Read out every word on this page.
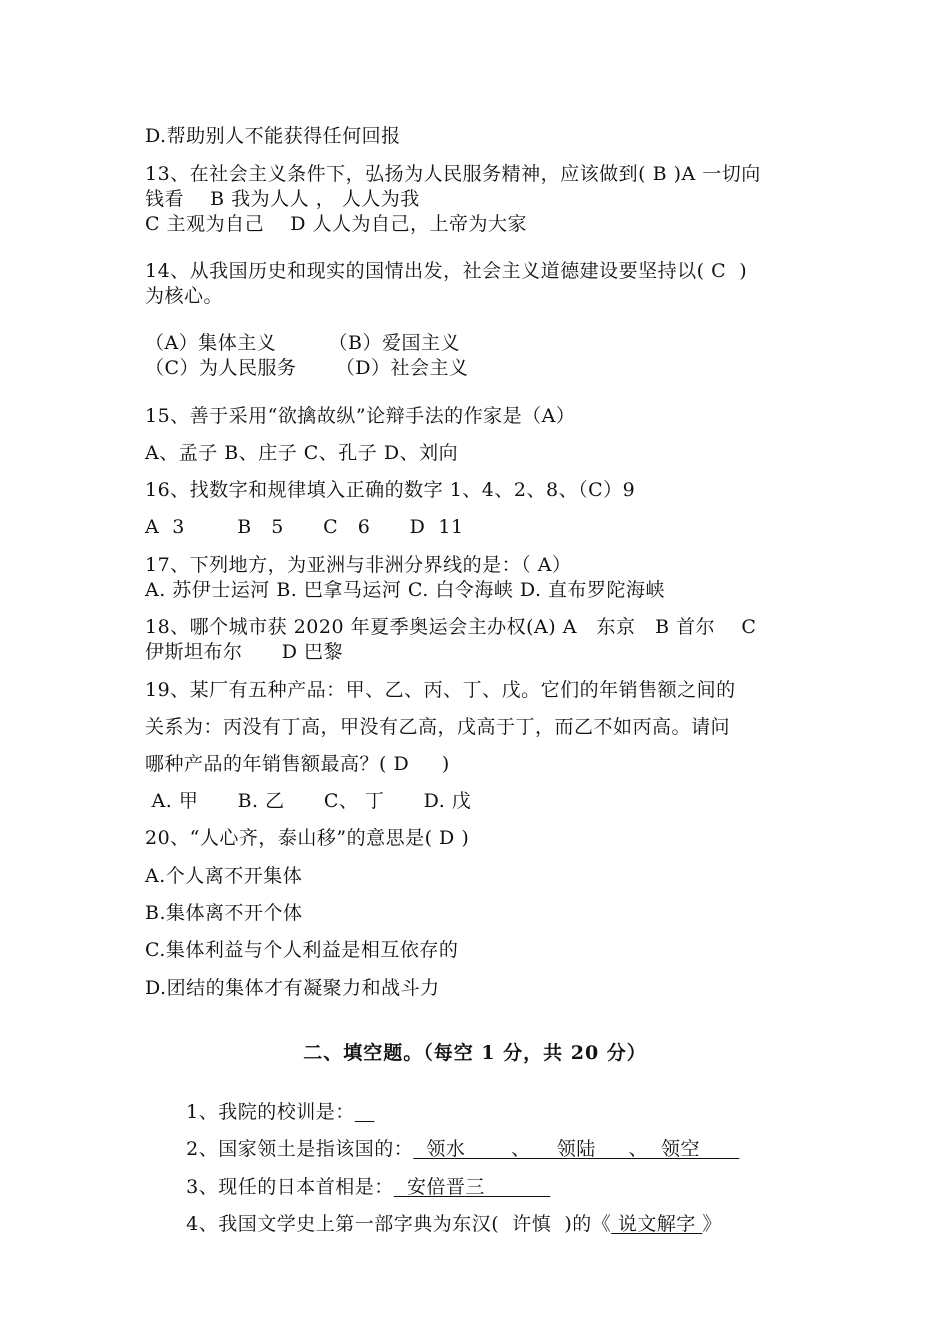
D.帮助别人不能获得任何回报
13、在社会主义条件下，弘扬为人民服务精神，应该做到( B )A 一切向
钱看    B 我为人人 ， 人人为我
C 主观为自己    D 人人为自己，上帝为大家
14、从我国历史和现实的国情出发，社会主义道德建设要坚持以( C  )
为核心。
（A）集体主义        （B）爱国主义
（C）为人民服务      （D）社会主义
15、善于采用“欲擒故纵”论辩手法的作家是（A）
A、孟子 B、庄子 C、孔子 D、刘向
16、找数字和规律填入正确的数字 1、4、2、8、（C）9
A  3        B   5      C   6      D  11
17、下列地方，为亚洲与非洲分界线的是：（ A）
A. 苏伊士运河 B. 巴拿马运河 C. 白令海峡 D. 直布罗陀海峡
18、哪个城市获 2020 年夏季奥运会主办权(A) A   东京   B 首尔    C
伊斯坦布尔      D 巴黎
19、某厂有五种产品：甲、乙、丙、丁、戊。它们的年销售额之间的
关系为：丙没有丁高，甲没有乙高，戊高于丁，而乙不如丙高。请问
哪种产品的年销售额最高？( D     )
A. 甲      B. 乙      C、 丁      D. 戊
20、“人心齐，泰山移”的意思是( D )
A.个人离不开集体
B.集体离不开个体
C.集体利益与个人利益是相互依存的
D.团结的集体才有凝聚力和战斗力
二、填空题。（每空 1 分，共 20 分）

1、我院的校训是：

2、国家领土是指该国的：  领水       、    领陆     、  领空

3、现任的日本首相是：  安倍晋三

4、我国文学史上第一部字典为东汉(  许慎  )的《 说文解字 》
